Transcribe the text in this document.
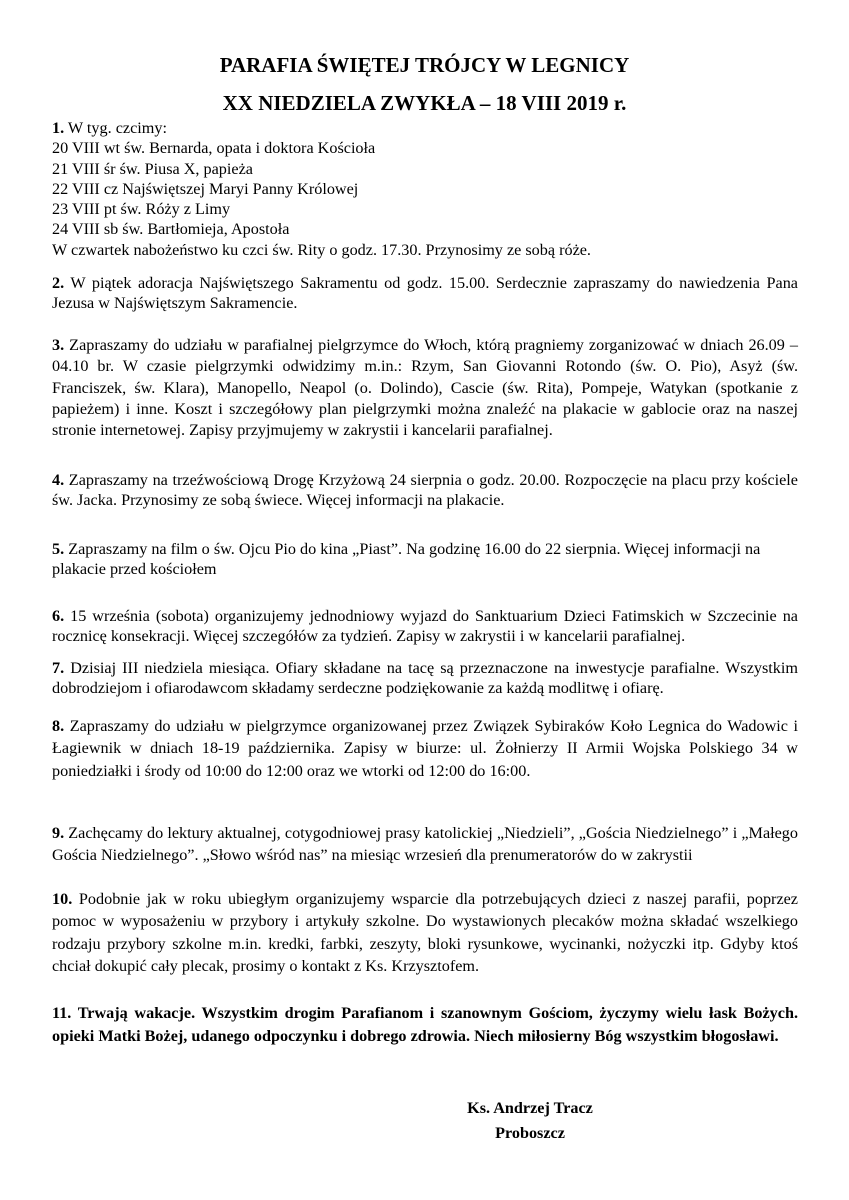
PARAFIA ŚWIĘTEJ TRÓJCY W LEGNICY
XX NIEDZIELA ZWYKŁA – 18 VIII 2019 r.
1. W tyg. czcimy:
20 VIII wt św. Bernarda, opata i doktora Kościoła
21 VIII śr św. Piusa X, papieża
22 VIII cz Najświętszej Maryi Panny Królowej
23 VIII pt św. Róży z Limy
24 VIII sb św. Bartłomieja, Apostoła
W czwartek nabożeństwo ku czci św. Rity o godz. 17.30. Przynosimy ze sobą róże.
2. W piątek adoracja Najświętszego Sakramentu od godz. 15.00. Serdecznie zapraszamy do nawiedzenia Pana Jezusa w Najświętszym Sakramencie.
3. Zapraszamy do udziału w parafialnej pielgrzymce do Włoch, którą pragniemy zorganizować w dniach 26.09 – 04.10 br. W czasie pielgrzymki odwidzimy m.in.: Rzym, San Giovanni Rotondo (św. O. Pio), Asyż (św. Franciszek, św. Klara), Manopello, Neapol (o. Dolindo), Cascie (św. Rita), Pompeje, Watykan (spotkanie z papieżem) i inne. Koszt i szczegółowy plan pielgrzymki można znaleźć na plakacie w gablocie oraz na naszej stronie internetowej. Zapisy przyjmujemy w zakrystii i kancelarii parafialnej.
4. Zapraszamy na trzeźwościową Drogę Krzyżową 24 sierpnia o godz. 20.00. Rozpoczęcie na placu przy kościele św. Jacka. Przynosimy ze sobą świece. Więcej informacji na plakacie.
5. Zapraszamy na film o św. Ojcu Pio do kina „Piast”. Na godzinę 16.00 do 22 sierpnia. Więcej informacji na plakacie przed kościołem
6. 15 września (sobota) organizujemy jednodniowy wyjazd do Sanktuarium Dzieci Fatimskich w Szczecinie na rocznicę konsekracji. Więcej szczegółów za tydzień. Zapisy w zakrystii i w kancelarii parafialnej.
7. Dzisiaj III niedziela miesiąca. Ofiary składane na tacę są przeznaczone na inwestycje parafialne. Wszystkim dobrodziejom i ofiarodawcom składamy serdeczne podziękowanie za każdą modlitwę i ofiarę.
8. Zapraszamy do udziału w pielgrzymce organizowanej przez Związek Sybiraków Koło Legnica do Wadowic i Łagiewnik w dniach 18-19 października. Zapisy w biurze: ul. Żołnierzy II Armii Wojska Polskiego 34 w poniedziałki i środy od 10:00 do 12:00 oraz we wtorki od 12:00 do 16:00.
9. Zachęcamy do lektury aktualnej, cotygodniowej prasy katolickiej „Niedzieli”, „Gościa Niedzielnego” i „Małego Gościa Niedzielnego”. „Słowo wśród nas” na miesiąc wrzesień dla prenumeratorów do w zakrystii
10. Podobnie jak w roku ubiegłym organizujemy wsparcie dla potrzebujących dzieci z naszej parafii, poprzez pomoc w wyposażeniu w przybory i artykuły szkolne. Do wystawionych plecaków można składać wszelkiego rodzaju przybory szkolne m.in. kredki, farbki, zeszyty, bloki rysunkowe, wycinanki, nożyczki itp. Gdyby ktoś chciał dokupić cały plecak, prosimy o kontakt z Ks. Krzysztofem.
11. Trwają wakacje. Wszystkim drogim Parafianom i szanownym Gościom, życzymy wielu łask Bożych. opieki Matki Bożej, udanego odpoczynku i dobrego zdrowia. Niech miłosierny Bóg wszystkim błogosławi.
Ks. Andrzej Tracz
Proboszcz
